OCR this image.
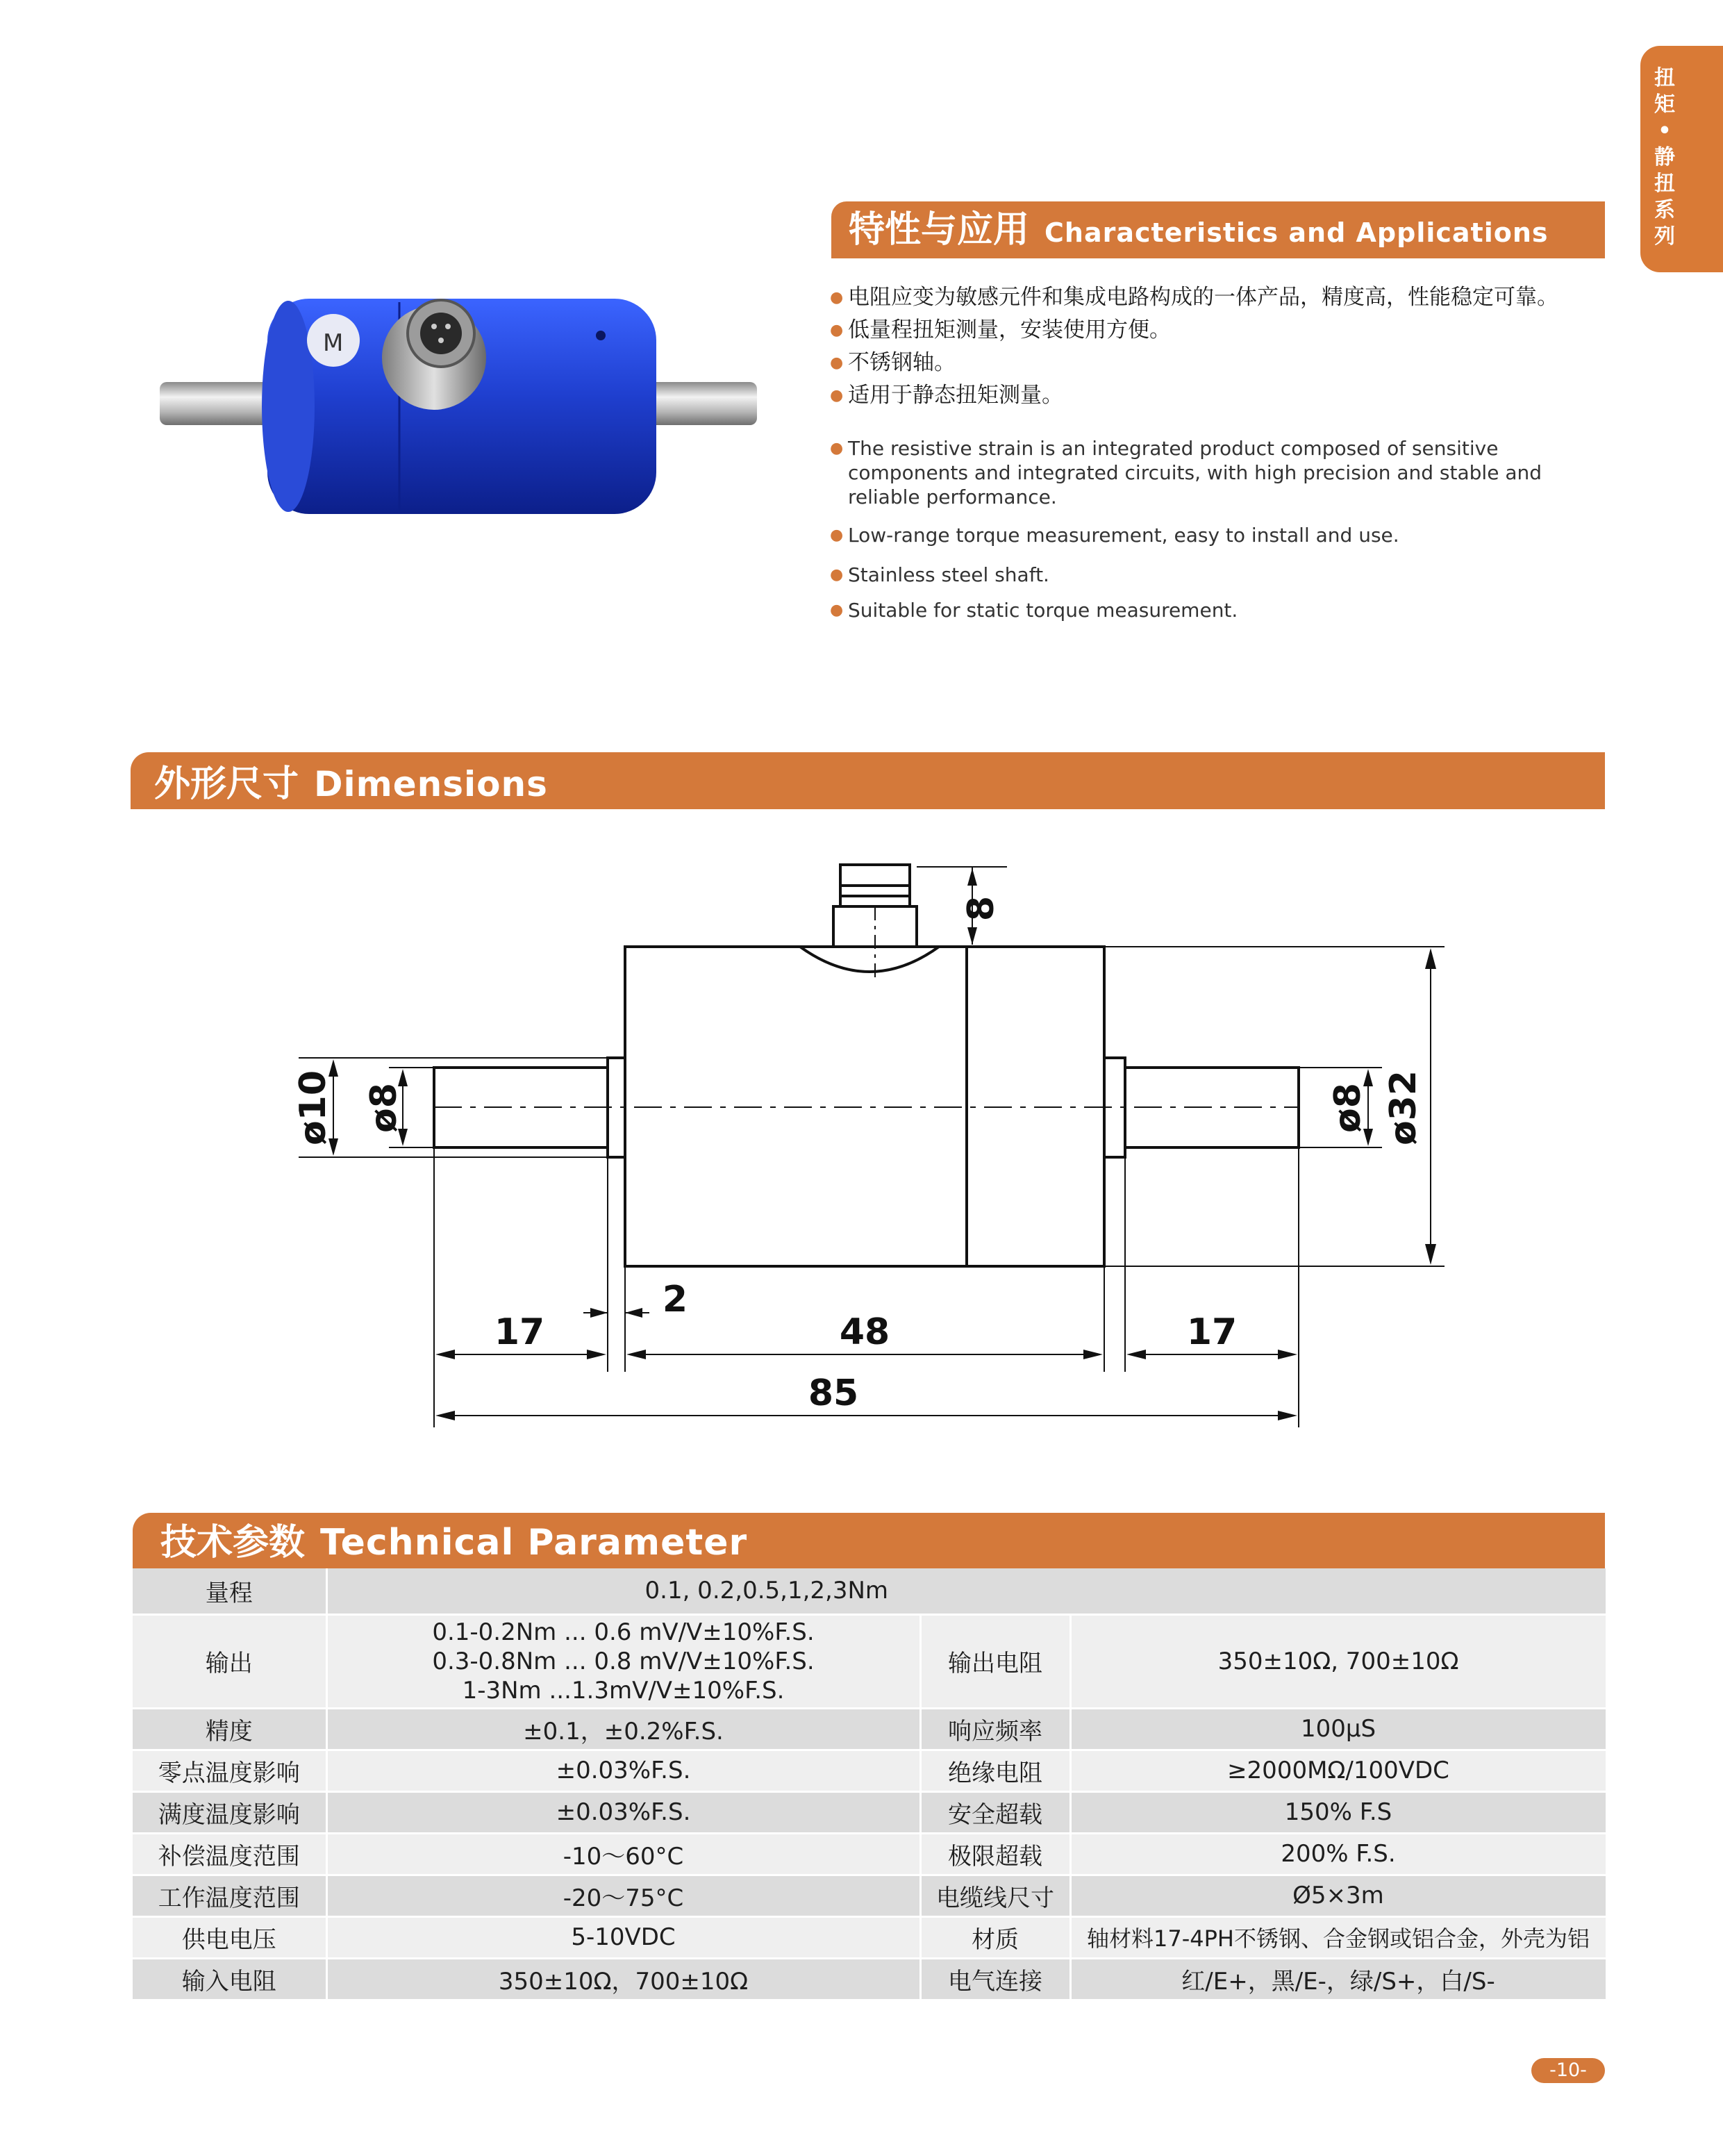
扭
矩
•
静
扭
系
列
M
特性与应用 Characteristics and Applications
● 电阻应变为敏感元件和集成电路构成的一体产品，精度高，性能稳定可靠。
● 低量程扭矩测量，安装使用方便。
● 不锈钢轴。
● 适用于静态扭矩测量。
● The resistive strain is an integrated product composed of sensitive components and integrated circuits, with high precision and stable and reliable performance.
● Low-range torque measurement, easy to install and use.
● Stainless steel shaft.
● Suitable for static torque measurement.
外形尺寸 Dimensions
8
ø32
ø10 ø8	ø8
17
2
48	17
85
技术参数 Technical Parameter
量程	0.1, 0.2,0.5,1,2,3Nm		
输出	0.1-0.2Nm ... 0.6 mV/V±10%F.S.
0.3-0.8Nm ... 0.8 mV/V±10%F.S.
1-3Nm ...1.3mV/V±10%F.S.	输出电阻	350±10Ω, 700±10Ω
精度	±0.1，±0.2%F.S.	响应频率	100μS
零点温度影响	±0.03%F.S.	绝缘电阻	≥2000MΩ/100VDC
满度温度影响	±0.03%F.S.	安全超载	150% F.S
补偿温度范围	-10～60°C	极限超载	200% F.S.
工作温度范围	-20～75°C	电缆线尺寸	Ø5×3m
供电电压	5-10VDC	材质	轴材料17-4PH不锈钢、合金钢或铝合金，外壳为铝
输入电阻	350±10Ω，700±10Ω	电气连接	红/E+，黑/E-，绿/S+，白/S-
-10-
